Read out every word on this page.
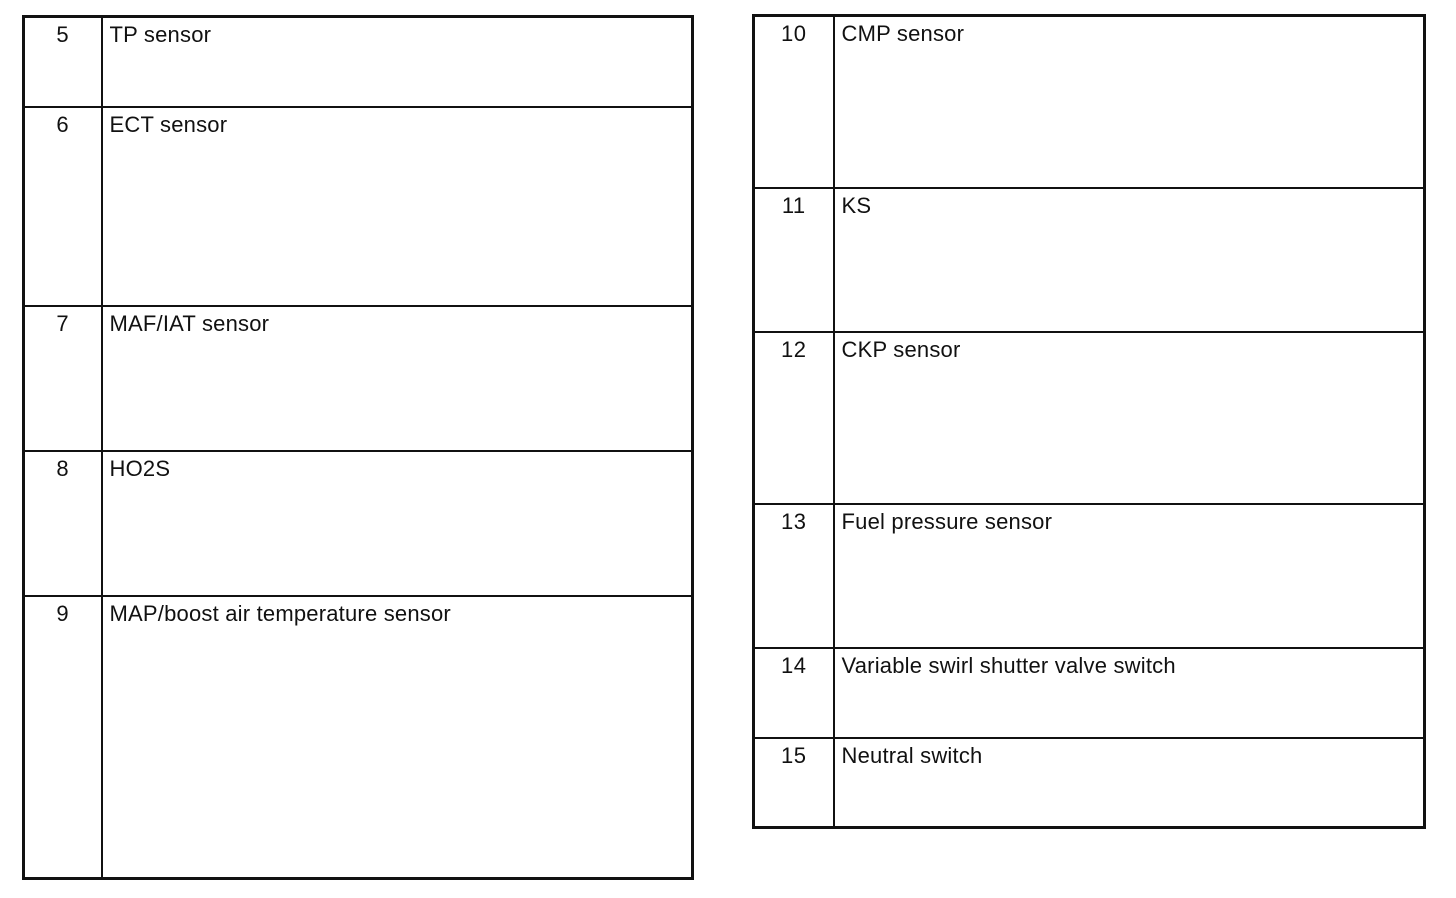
5	TP sensor
6	ECT sensor
7	MAF/IAT sensor
8	HO2S
9	MAP/boost air temperature sensor
10	CMP sensor
11	KS
12	CKP sensor
13	Fuel pressure sensor
14	Variable swirl shutter valve switch
15	Neutral switch
